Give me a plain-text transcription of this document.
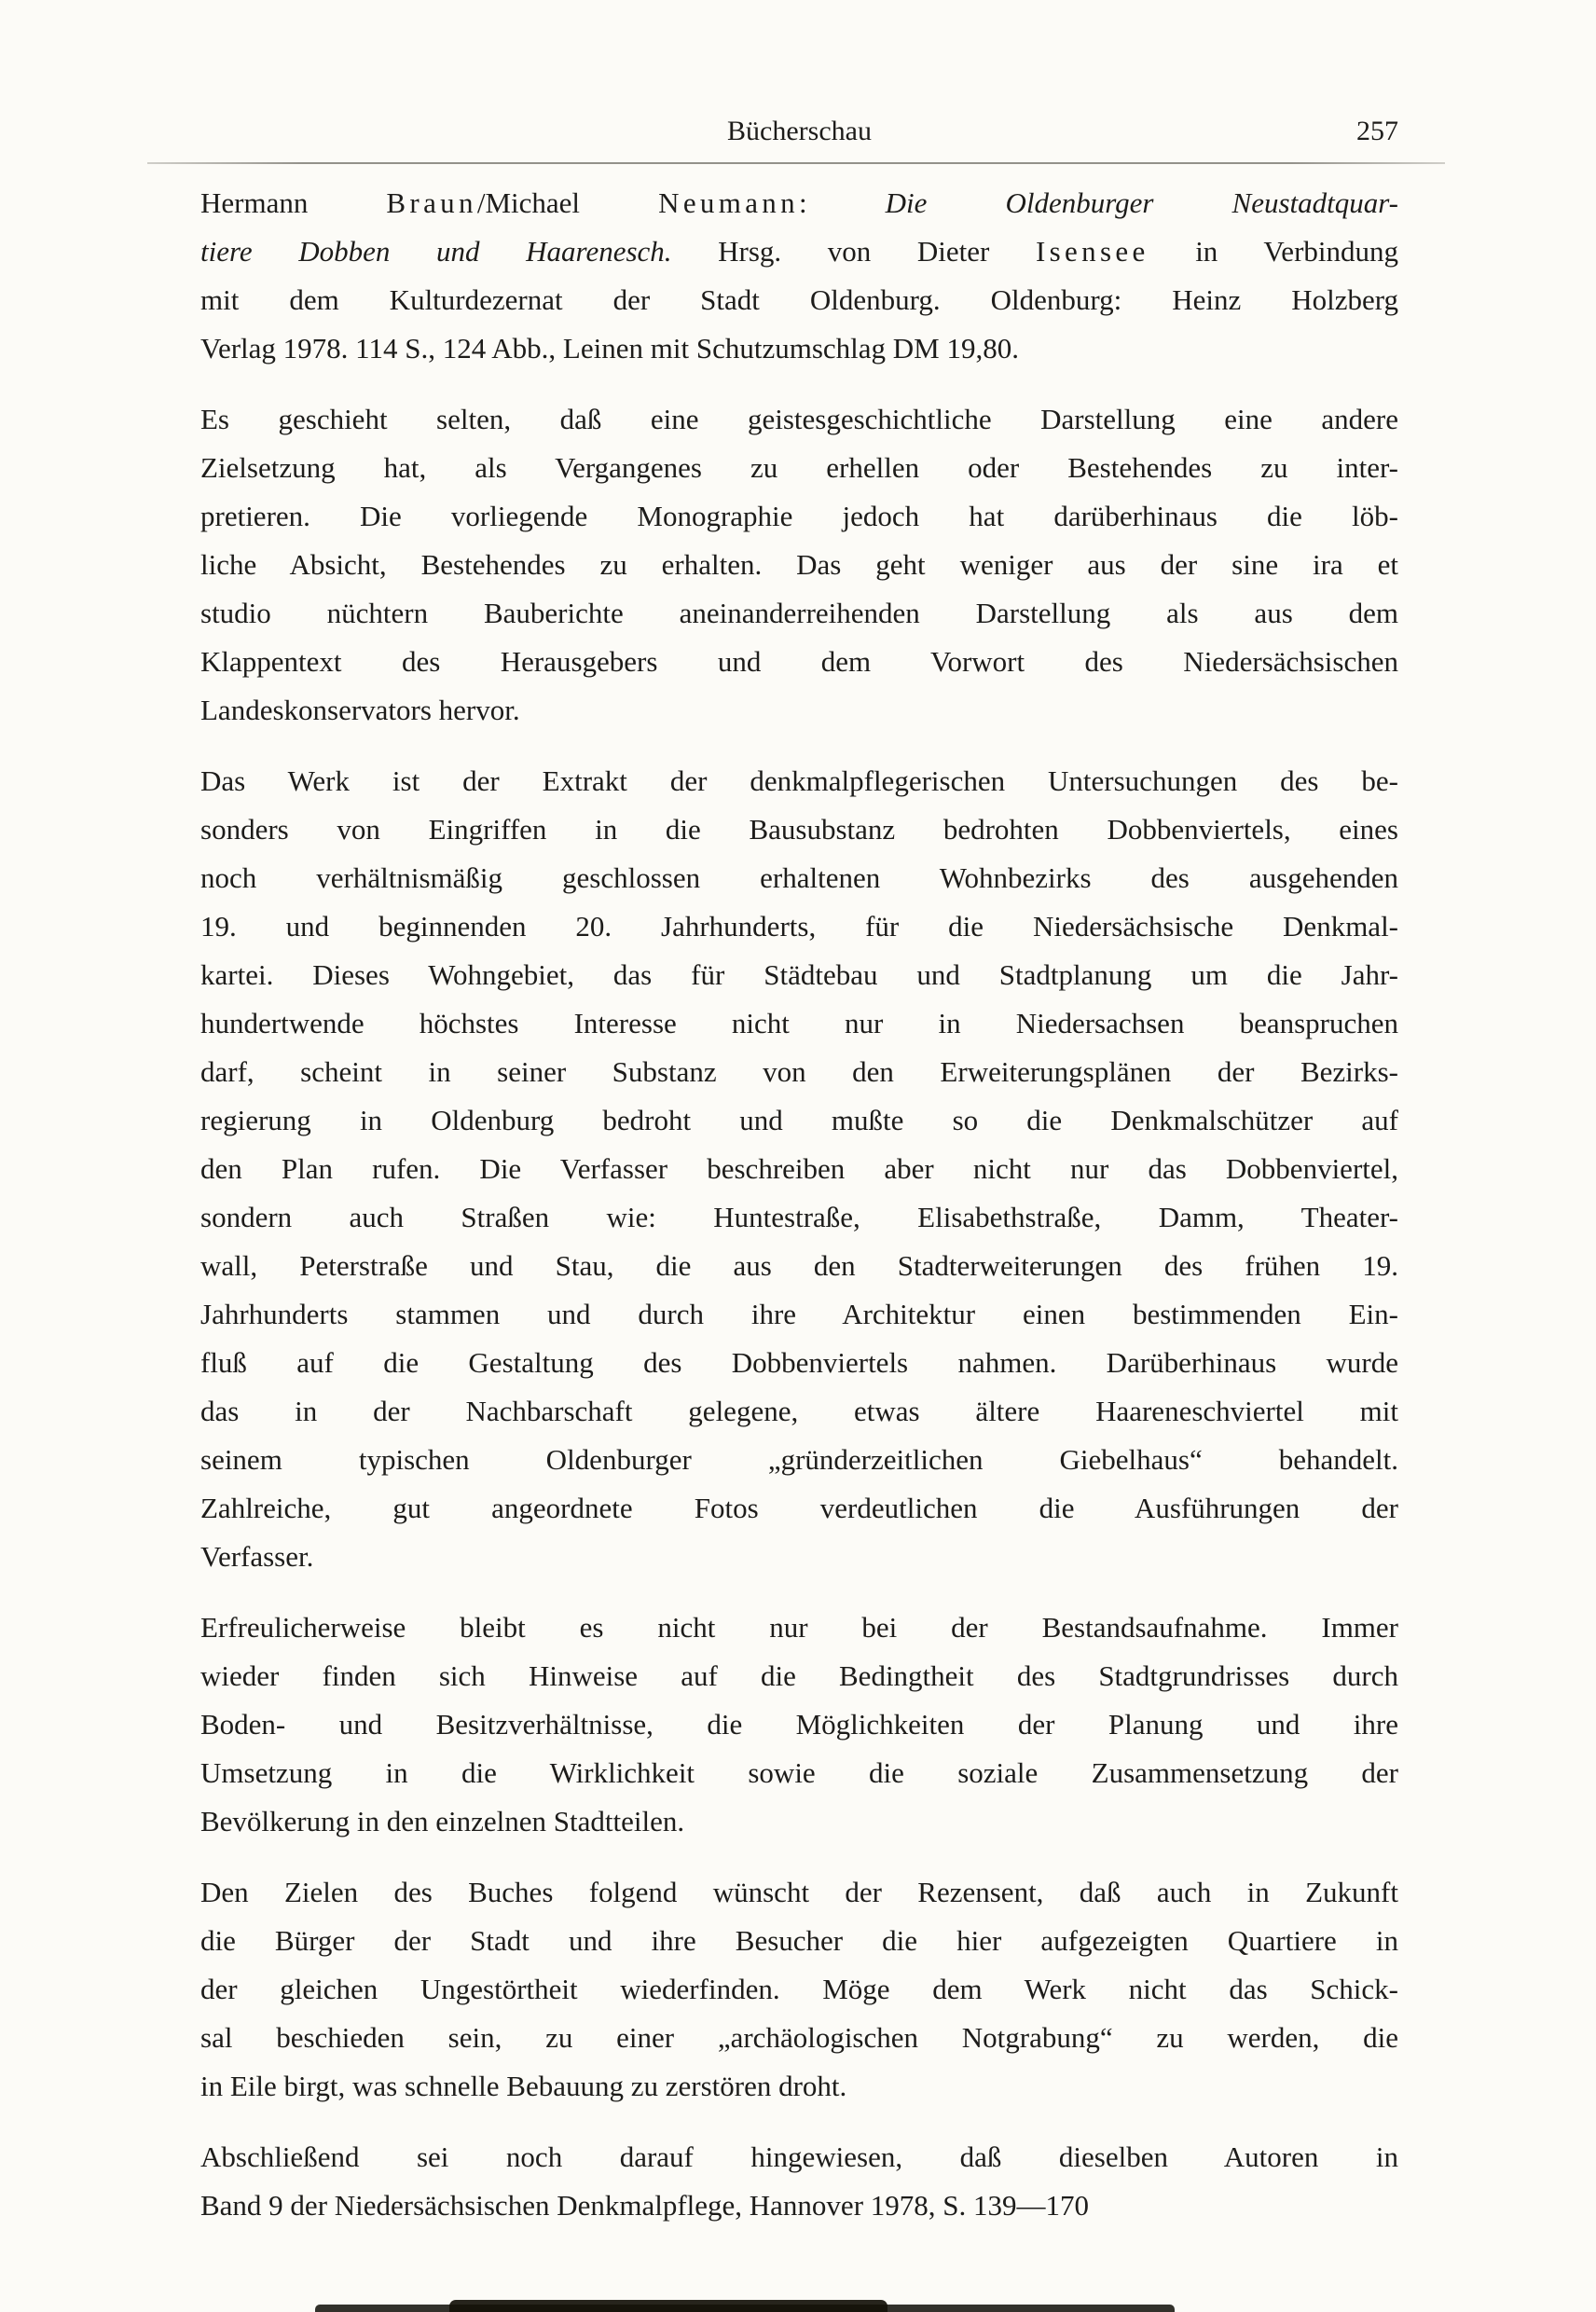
Bücherschau	257
Hermann Braun/Michael Neumann: Die Oldenburger Neustadtquar-
tiere Dobben und Haarenesch. Hrsg. von Dieter Isensee in Verbindung
mit dem Kulturdezernat der Stadt Oldenburg. Oldenburg: Heinz Holzberg
Verlag 1978. 114 S., 124 Abb., Leinen mit Schutzumschlag DM 19,80.
Es geschieht selten, daß eine geistesgeschichtliche Darstellung eine andere
Zielsetzung hat, als Vergangenes zu erhellen oder Bestehendes zu inter-
pretieren. Die vorliegende Monographie jedoch hat darüberhinaus die löb-
liche Absicht, Bestehendes zu erhalten. Das geht weniger aus der sine ira et
studio nüchtern Bauberichte aneinanderreihenden Darstellung als aus dem
Klappentext des Herausgebers und dem Vorwort des Niedersächsischen
Landeskonservators hervor.
Das Werk ist der Extrakt der denkmalpflegerischen Untersuchungen des be-
sonders von Eingriffen in die Bausubstanz bedrohten Dobbenviertels, eines
noch verhältnismäßig geschlossen erhaltenen Wohnbezirks des ausgehenden
19. und beginnenden 20. Jahrhunderts, für die Niedersächsische Denkmal-
kartei. Dieses Wohngebiet, das für Städtebau und Stadtplanung um die Jahr-
hundertwende höchstes Interesse nicht nur in Niedersachsen beanspruchen
darf, scheint in seiner Substanz von den Erweiterungsplänen der Bezirks-
regierung in Oldenburg bedroht und mußte so die Denkmalschützer auf
den Plan rufen. Die Verfasser beschreiben aber nicht nur das Dobbenviertel,
sondern auch Straßen wie: Huntestraße, Elisabethstraße, Damm, Theater-
wall, Peterstraße und Stau, die aus den Stadterweiterungen des frühen 19.
Jahrhunderts stammen und durch ihre Architektur einen bestimmenden Ein-
fluß auf die Gestaltung des Dobbenviertels nahmen. Darüberhinaus wurde
das in der Nachbarschaft gelegene, etwas ältere Haareneschviertel mit
seinem typischen Oldenburger „gründerzeitlichen Giebelhaus“ behandelt.
Zahlreiche, gut angeordnete Fotos verdeutlichen die Ausführungen der
Verfasser.
Erfreulicherweise bleibt es nicht nur bei der Bestandsaufnahme. Immer
wieder finden sich Hinweise auf die Bedingtheit des Stadtgrundrisses durch
Boden- und Besitzverhältnisse, die Möglichkeiten der Planung und ihre
Umsetzung in die Wirklichkeit sowie die soziale Zusammensetzung der
Bevölkerung in den einzelnen Stadtteilen.
Den Zielen des Buches folgend wünscht der Rezensent, daß auch in Zukunft
die Bürger der Stadt und ihre Besucher die hier aufgezeigten Quartiere in
der gleichen Ungestörtheit wiederfinden. Möge dem Werk nicht das Schick-
sal beschieden sein, zu einer „archäologischen Notgrabung“ zu werden, die
in Eile birgt, was schnelle Bebauung zu zerstören droht.
Abschließend sei noch darauf hingewiesen, daß dieselben Autoren in
Band 9 der Niedersächsischen Denkmalpflege, Hannover 1978, S. 139—170
